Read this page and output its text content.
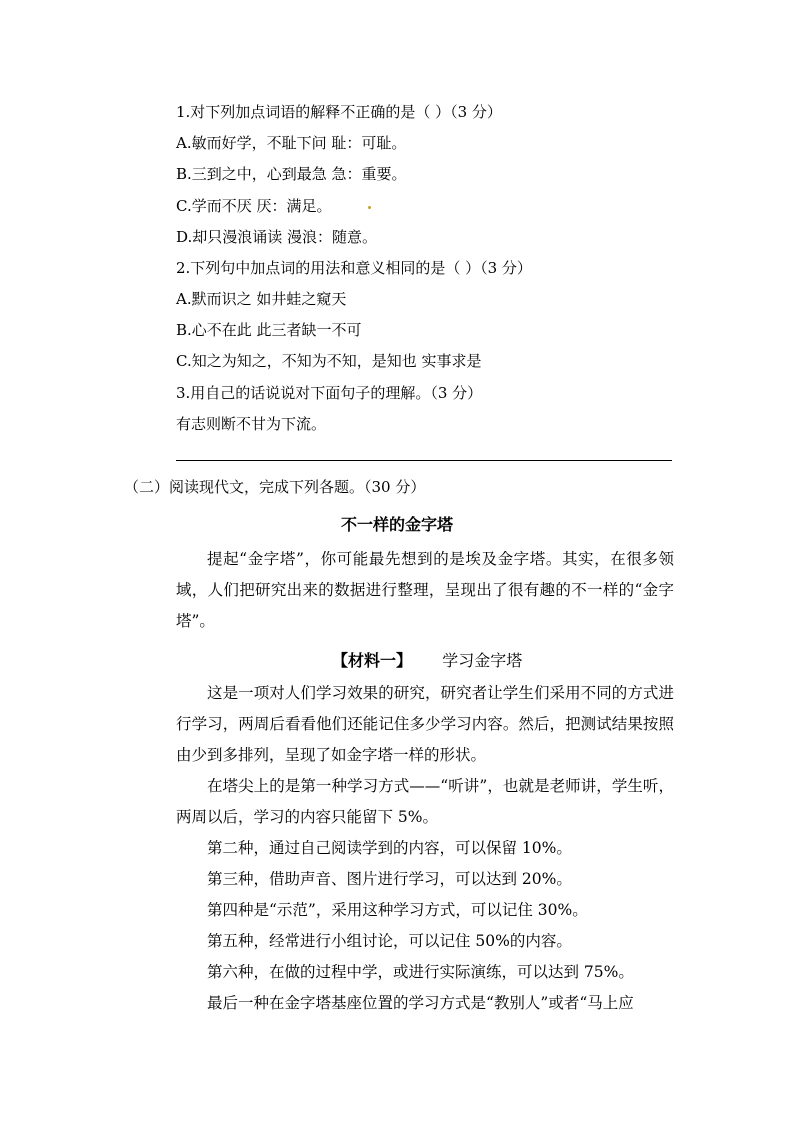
1.对下列加点词语的解释不正确的是（ ）（3 分）
A.敏而好学，不耻下问 耻：可耻。
B.三到之中，心到最急 急：重要。
C.学而不厌 厌：满足。
D.却只漫浪诵读 漫浪：随意。
2.下列句中加点词的用法和意义相同的是（ ）（3 分）
A.默而识之 如井蛙之窥天
B.心不在此 此三者缺一不可
C.知之为知之，不知为不知，是知也 实事求是
3.用自己的话说说对下面句子的理解。（3 分）
有志则断不甘为下流。
（二）阅读现代文，完成下列各题。（30 分）
不一样的金字塔
提起“金字塔”，你可能最先想到的是埃及金字塔。其实，在很多领域，人们把研究出来的数据进行整理，呈现出了很有趣的不一样的“金字塔”。
【材料一】 学习金字塔
这是一项对人们学习效果的研究，研究者让学生们采用不同的方式进行学习，两周后看看他们还能记住多少学习内容。然后，把测试结果按照由少到多排列，呈现了如金字塔一样的形状。
在塔尖上的是第一种学习方式——“听讲”，也就是老师讲，学生听，两周以后，学习的内容只能留下 5%。
第二种，通过自己阅读学到的内容，可以保留 10%。
第三种，借助声音、图片进行学习，可以达到 20%。
第四种是“示范”，采用这种学习方式，可以记住 30%。
第五种，经常进行小组讨论，可以记住 50%的内容。
第六种，在做的过程中学，或进行实际演练，可以达到 75%。
最后一种在金字塔基座位置的学习方式是“教别人”或者“马上应
